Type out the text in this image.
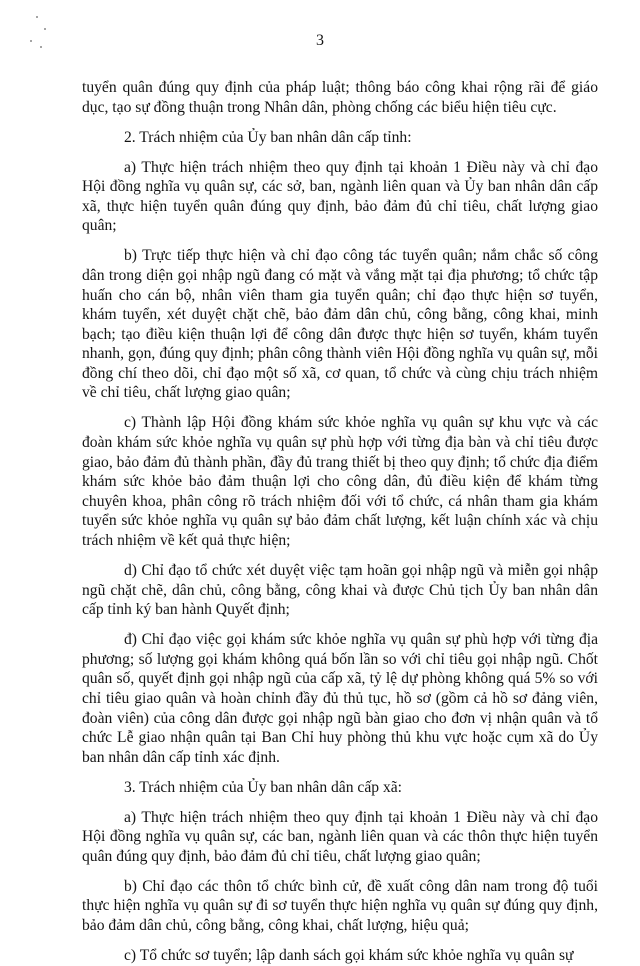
3

tuyển quân đúng quy định của pháp luật; thông báo công khai rộng rãi để giáo dục, tạo sự đồng thuận trong Nhân dân, phòng chống các biểu hiện tiêu cực.

2. Trách nhiệm của Ủy ban nhân dân cấp tỉnh:

a) Thực hiện trách nhiệm theo quy định tại khoản 1 Điều này và chỉ đạo Hội đồng nghĩa vụ quân sự, các sở, ban, ngành liên quan và Ủy ban nhân dân cấp xã, thực hiện tuyển quân đúng quy định, bảo đảm đủ chỉ tiêu, chất lượng giao quân;

b) Trực tiếp thực hiện và chỉ đạo công tác tuyển quân; nắm chắc số công dân trong diện gọi nhập ngũ đang có mặt và vắng mặt tại địa phương; tổ chức tập huấn cho cán bộ, nhân viên tham gia tuyển quân; chỉ đạo thực hiện sơ tuyển, khám tuyển, xét duyệt chặt chẽ, bảo đảm dân chủ, công bằng, công khai, minh bạch; tạo điều kiện thuận lợi để công dân được thực hiện sơ tuyển, khám tuyển nhanh, gọn, đúng quy định; phân công thành viên Hội đồng nghĩa vụ quân sự, mỗi đồng chí theo dõi, chỉ đạo một số xã, cơ quan, tổ chức và cùng chịu trách nhiệm về chỉ tiêu, chất lượng giao quân;

c) Thành lập Hội đồng khám sức khỏe nghĩa vụ quân sự khu vực và các đoàn khám sức khỏe nghĩa vụ quân sự phù hợp với từng địa bàn và chỉ tiêu được giao, bảo đảm đủ thành phần, đầy đủ trang thiết bị theo quy định; tổ chức địa điểm khám sức khỏe bảo đảm thuận lợi cho công dân, đủ điều kiện để khám từng chuyên khoa, phân công rõ trách nhiệm đối với tổ chức, cá nhân tham gia khám tuyển sức khỏe nghĩa vụ quân sự bảo đảm chất lượng, kết luận chính xác và chịu trách nhiệm về kết quả thực hiện;

d) Chỉ đạo tổ chức xét duyệt việc tạm hoãn gọi nhập ngũ và miễn gọi nhập ngũ chặt chẽ, dân chủ, công bằng, công khai và được Chủ tịch Ủy ban nhân dân cấp tỉnh ký ban hành Quyết định;

đ) Chỉ đạo việc gọi khám sức khỏe nghĩa vụ quân sự phù hợp với từng địa phương; số lượng gọi khám không quá bốn lần so với chỉ tiêu gọi nhập ngũ. Chốt quân số, quyết định gọi nhập ngũ của cấp xã, tỷ lệ dự phòng không quá 5% so với chỉ tiêu giao quân và hoàn chỉnh đầy đủ thủ tục, hồ sơ (gồm cả hồ sơ đảng viên, đoàn viên) của công dân được gọi nhập ngũ bàn giao cho đơn vị nhận quân và tổ chức Lễ giao nhận quân tại Ban Chỉ huy phòng thủ khu vực hoặc cụm xã do Ủy ban nhân dân cấp tỉnh xác định.

3. Trách nhiệm của Ủy ban nhân dân cấp xã:

a) Thực hiện trách nhiệm theo quy định tại khoản 1 Điều này và chỉ đạo Hội đồng nghĩa vụ quân sự, các ban, ngành liên quan và các thôn thực hiện tuyển quân đúng quy định, bảo đảm đủ chỉ tiêu, chất lượng giao quân;

b) Chỉ đạo các thôn tổ chức bình cử, đề xuất công dân nam trong độ tuổi thực hiện nghĩa vụ quân sự đi sơ tuyển thực hiện nghĩa vụ quân sự đúng quy định, bảo đảm dân chủ, công bằng, công khai, chất lượng, hiệu quả;

c) Tổ chức sơ tuyển; lập danh sách gọi khám sức khỏe nghĩa vụ quân sự
